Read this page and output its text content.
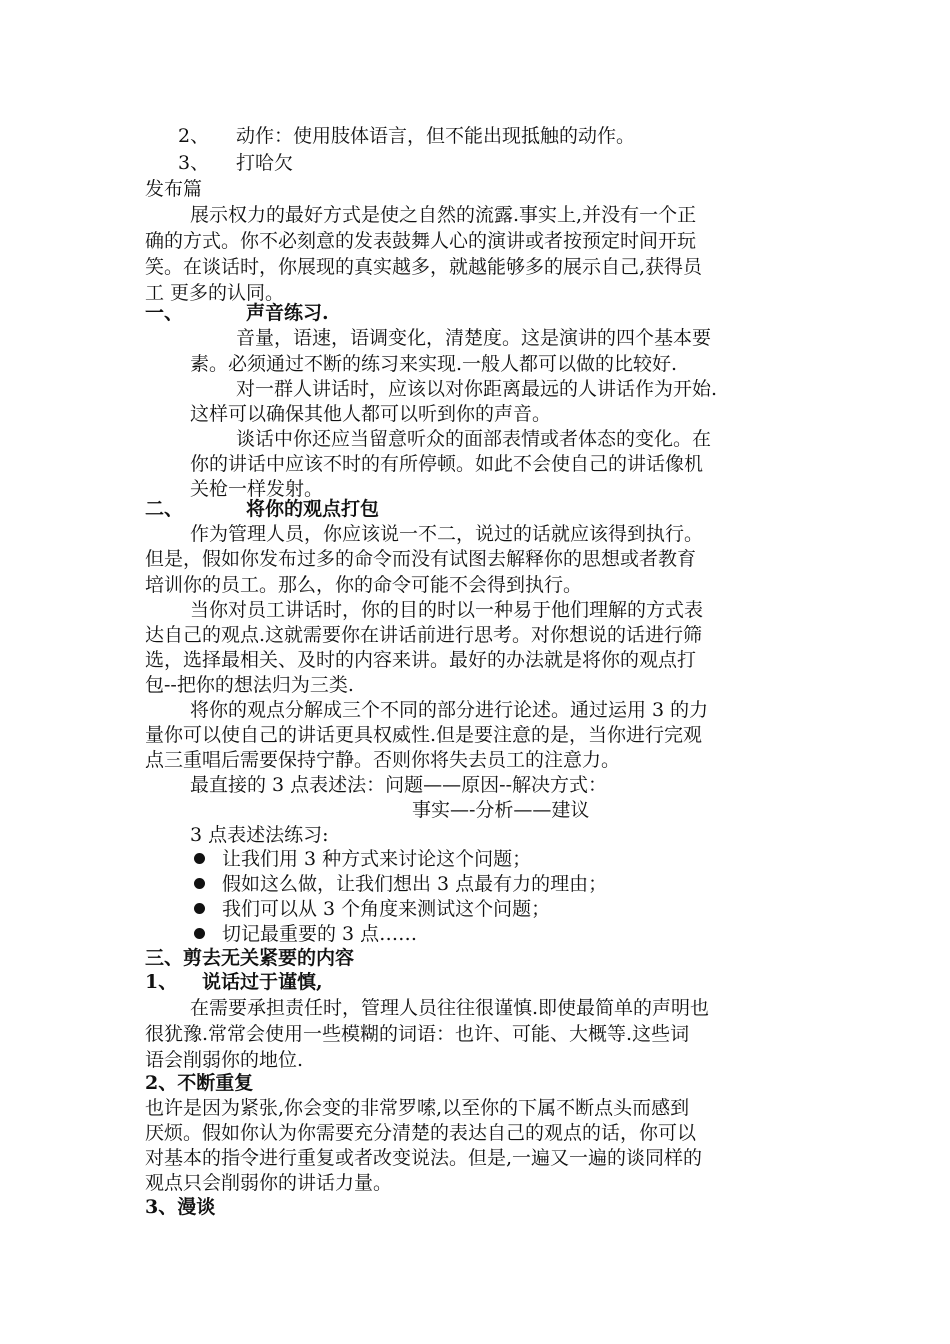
2、 动作：使用肢体语言，但不能出现抵触的动作。
3、 打哈欠
发布篇
展示权力的最好方式是使之自然的流露.事实上,并没有一个正
确的方式。你不必刻意的发表鼓舞人心的演讲或者按预定时间开玩
笑。在谈话时，你展现的真实越多，就越能够多的展示自己,获得员
工 更多的认同。
一、	声音练习.
音量，语速，语调变化，清楚度。这是演讲的四个基本要
素。必须通过不断的练习来实现.一般人都可以做的比较好.
对一群人讲话时，应该以对你距离最远的人讲话作为开始.
这样可以确保其他人都可以听到你的声音。
谈话中你还应当留意听众的面部表情或者体态的变化。在
你的讲话中应该不时的有所停顿。如此不会使自己的讲话像机
关枪一样发射。
二、	将你的观点打包
作为管理人员，你应该说一不二，说过的话就应该得到执行。
但是，假如你发布过多的命令而没有试图去解释你的思想或者教育
培训你的员工。那么，你的命令可能不会得到执行。
当你对员工讲话时，你的目的时以一种易于他们理解的方式表
达自己的观点.这就需要你在讲话前进行思考。对你想说的话进行筛
选，选择最相关、及时的内容来讲。最好的办法就是将你的观点打
包--把你的想法归为三类.
将你的观点分解成三个不同的部分进行论述。通过运用 3 的力
量你可以使自己的讲话更具权威性.但是要注意的是，当你进行完观
点三重唱后需要保持宁静。否则你将失去员工的注意力。
最直接的 3 点表述法：问题——原因--解决方式：
事实—-分析——建议
3 点表述法练习:
让我们用 3 种方式来讨论这个问题；
假如这么做，让我们想出 3 点最有力的理由；
我们可以从 3 个角度来测试这个问题；
切记最重要的 3 点……
三、剪去无关紧要的内容
1、 说话过于谨慎,
在需要承担责任时，管理人员往往很谨慎.即使最简单的声明也
很犹豫.常常会使用一些模糊的词语：也许、可能、大概等.这些词
语会削弱你的地位.
2、不断重复
也许是因为紧张,你会变的非常罗嗦,以至你的下属不断点头而感到
厌烦。假如你认为你需要充分清楚的表达自己的观点的话，你可以
对基本的指令进行重复或者改变说法。但是,一遍又一遍的谈同样的
观点只会削弱你的讲话力量。
3、漫谈
